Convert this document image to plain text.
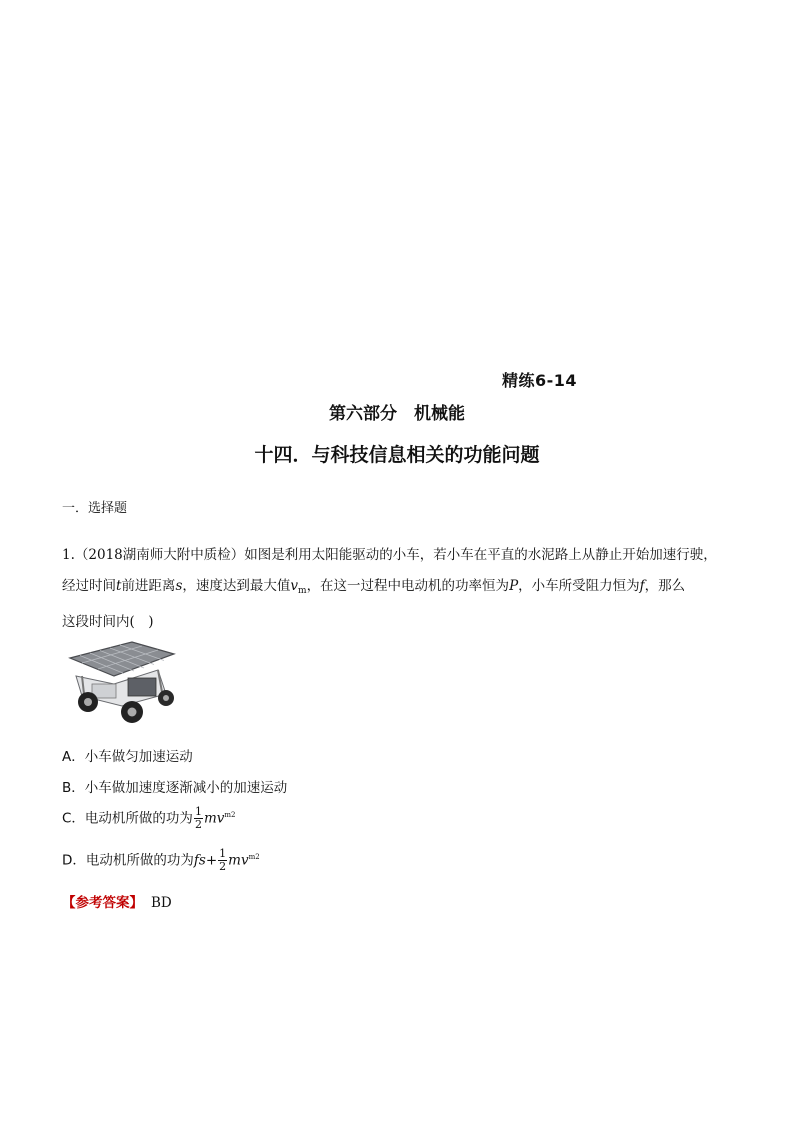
精练6-14
第六部分　机械能
十四．与科技信息相关的功能问题
一．选择题
1.（2018湖南师大附中质检）如图是利用太阳能驱动的小车，若小车在平直的水泥路上从静止开始加速行驶，
经过时间t前进距离s，速度达到最大值$v_m$，在这一过程中电动机的功率恒为P，小车所受阻力恒为f，那么
这段时间内(　)
A．小车做匀加速运动
B．小车做加速度逐渐减小的加速运动
C．电动机所做的功为 $\frac{1}{2} mv^{m2}$
D．电动机所做的功为$fs+ \frac{1}{2} mv^{m2}$
【参考答案】 BD
